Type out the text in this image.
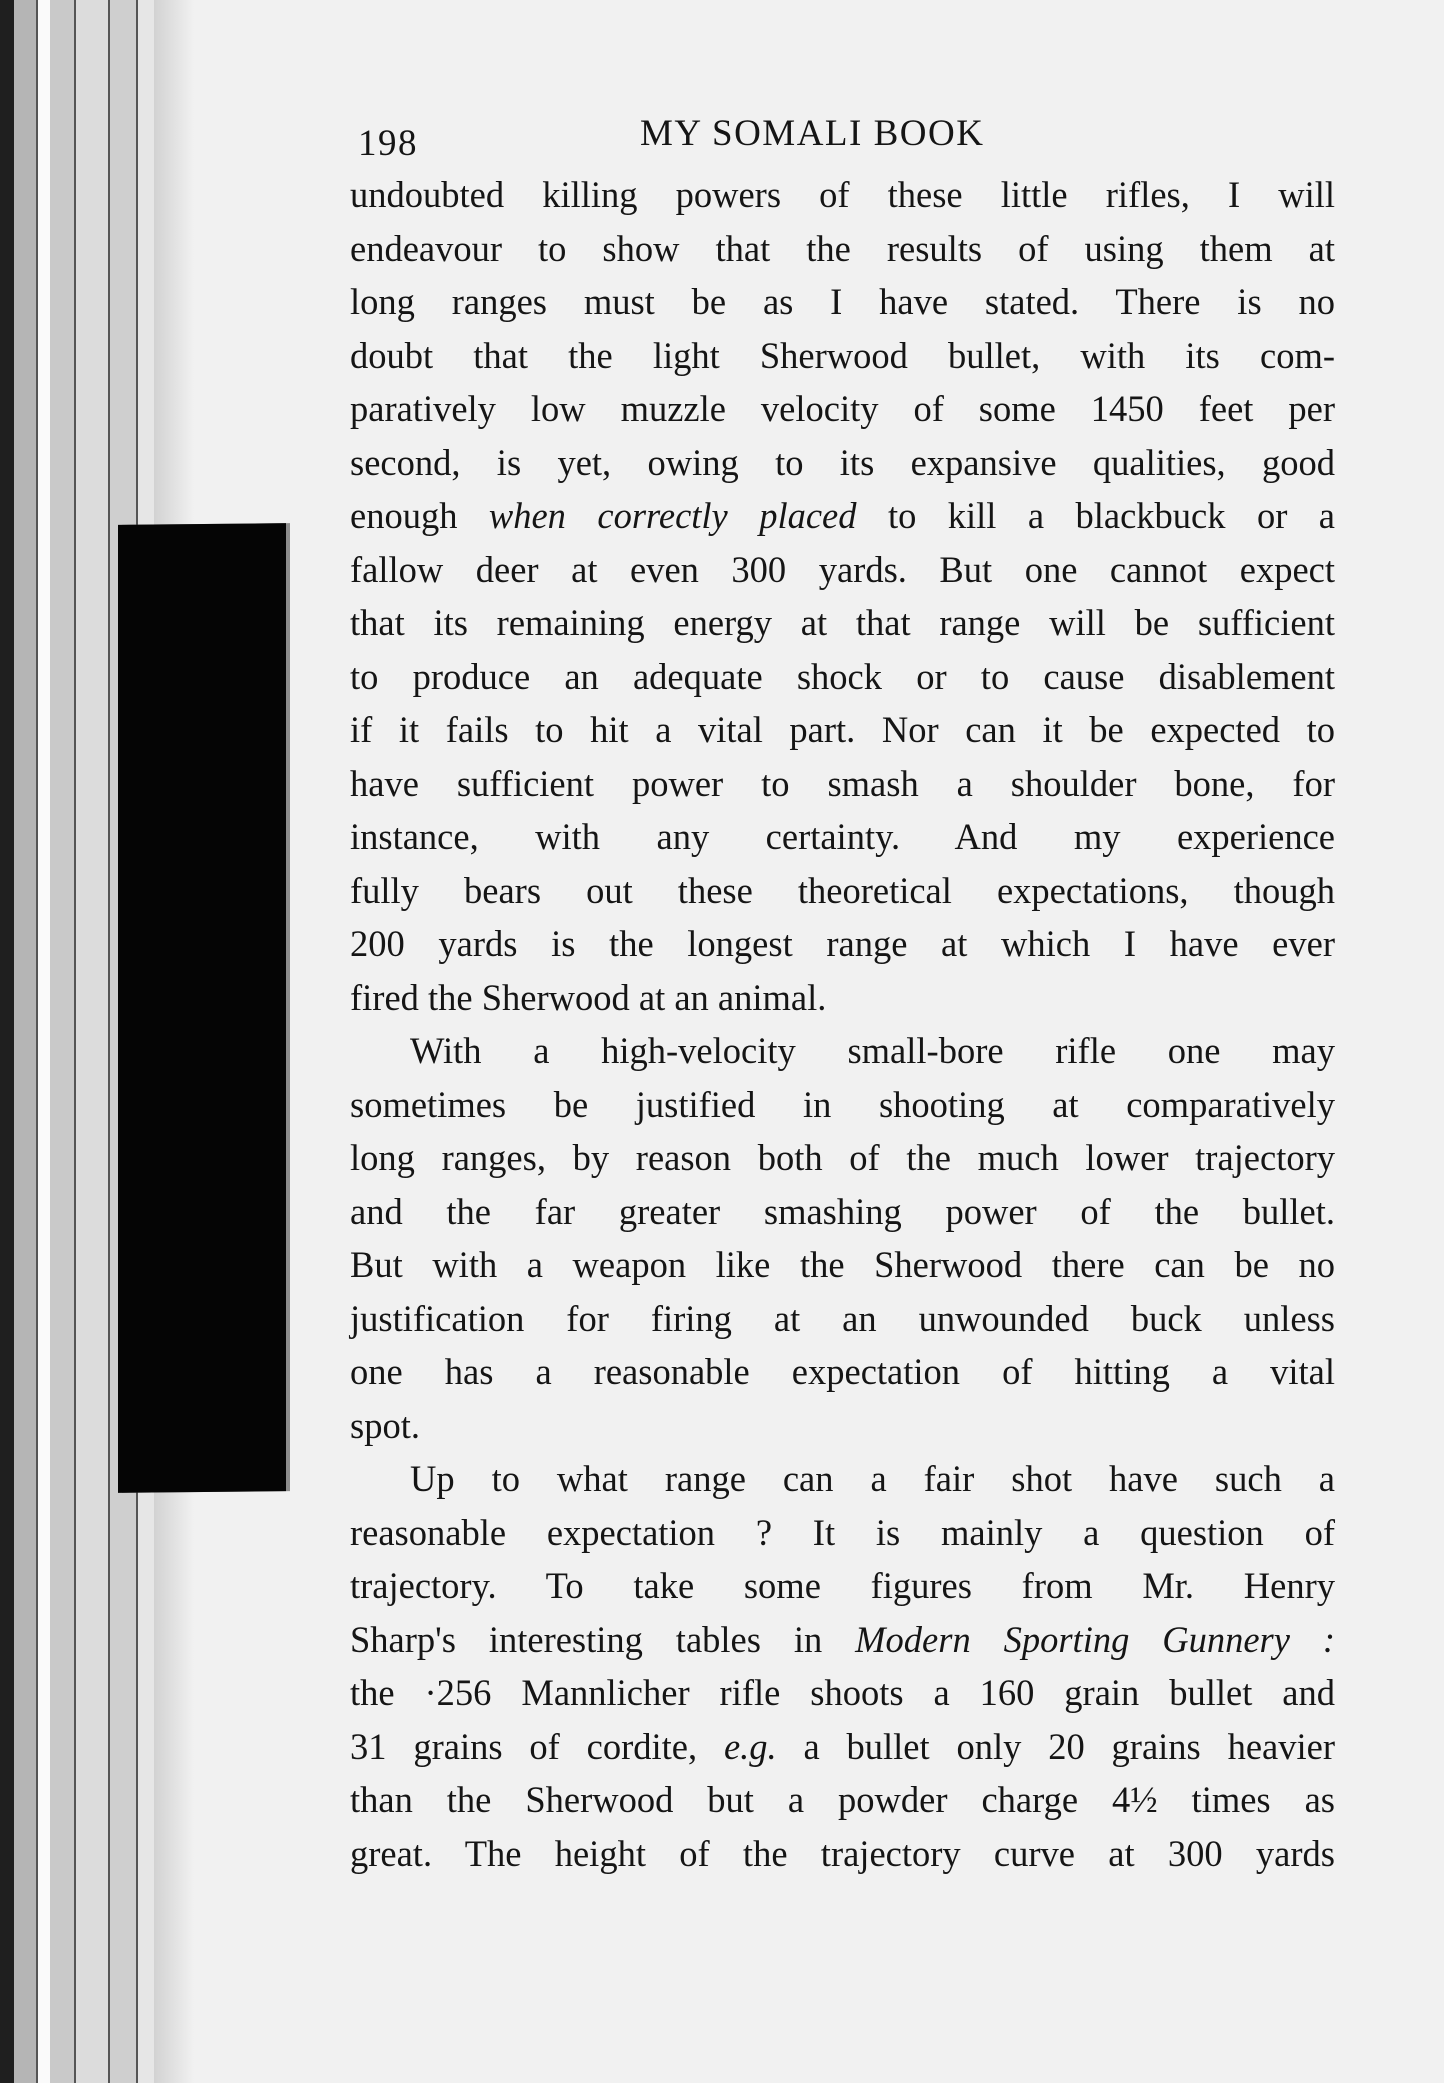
198	MY SOMALI BOOK
undoubted killing powers of these little rifles, I will
endeavour to show that the results of using them at
long ranges must be as I have stated. There is no
doubt that the light Sherwood bullet, with its com-
paratively low muzzle velocity of some 1450 feet per
second, is yet, owing to its expansive qualities, good
enough when correctly placed to kill a blackbuck or a
fallow deer at even 300 yards. But one cannot expect
that its remaining energy at that range will be sufficient
to produce an adequate shock or to cause disablement
if it fails to hit a vital part. Nor can it be expected to
have sufficient power to smash a shoulder bone, for
instance, with any certainty. And my experience
fully bears out these theoretical expectations, though
200 yards is the longest range at which I have ever
fired the Sherwood at an animal.
With a high-velocity small-bore rifle one may
sometimes be justified in shooting at comparatively
long ranges, by reason both of the much lower trajectory
and the far greater smashing power of the bullet.
But with a weapon like the Sherwood there can be no
justification for firing at an unwounded buck unless
one has a reasonable expectation of hitting a vital
spot.
Up to what range can a fair shot have such a
reasonable expectation ? It is mainly a question of
trajectory. To take some figures from Mr. Henry
Sharp's interesting tables in Modern Sporting Gunnery :
the ·256 Mannlicher rifle shoots a 160 grain bullet and
31 grains of cordite, e.g. a bullet only 20 grains heavier
than the Sherwood but a powder charge 4½ times as
great. The height of the trajectory curve at 300 yards
